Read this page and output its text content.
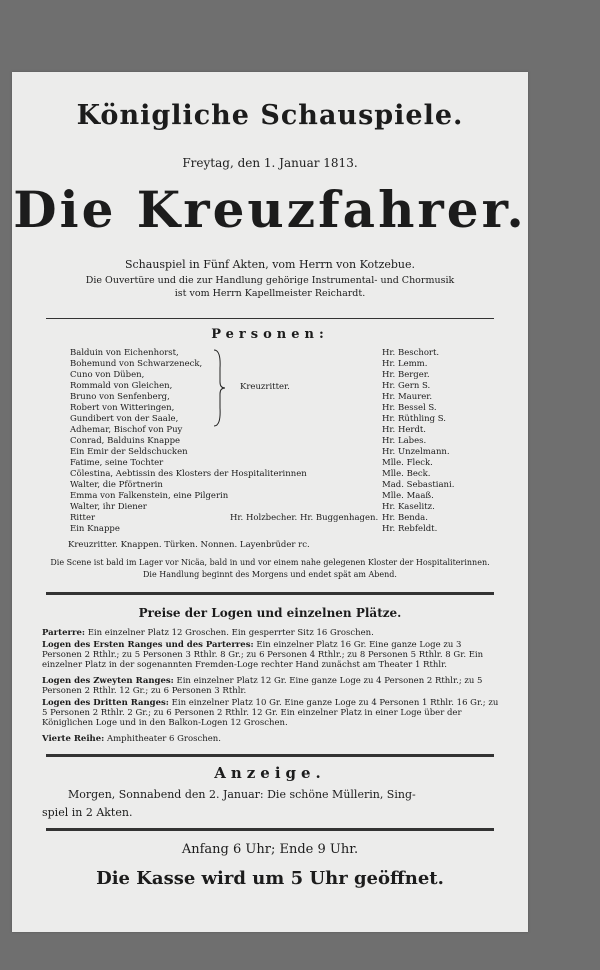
Königliche Schauspiele.
Freytag, den 1. Januar 1813.
Die Kreuzfahrer.
Schauspiel in Fünf Akten, vom Herrn von Kotzebue.
Die Ouvertüre und die zur Handlung gehörige Instrumental- und Chormusik
ist vom Herrn Kapellmeister Reichardt.
Personen:
Kreuzritter.
Kreuzritter. Knappen. Türken. Nonnen. Layenbrüder rc.
Die Scene ist bald im Lager vor Nicäa, bald in und vor einem nahe gelegenen Kloster der Hospitaliterinnen.
Die Handlung beginnt des Morgens und endet spät am Abend.
Preise der Logen und einzelnen Plätze.
Parterre: Ein einzelner Platz 12 Groschen. Ein gesperrter Sitz 16 Groschen.
Logen des Ersten Ranges und des Parterres: Ein einzelner Platz 16 Gr. Eine ganze Loge zu 3 Personen 2 Rthlr.; zu 5 Personen 3 Rthlr. 8 Gr.; zu 6 Personen 4 Rthlr.; zu 8 Personen 5 Rthlr. 8 Gr. Ein einzelner Platz in der sogenannten Fremden-Loge rechter Hand zunächst am Theater 1 Rthlr.
Logen des Zweyten Ranges: Ein einzelner Platz 12 Gr. Eine ganze Loge zu 4 Personen 2 Rthlr.; zu 5 Personen 2 Rthlr. 12 Gr.; zu 6 Personen 3 Rthlr.
Logen des Dritten Ranges: Ein einzelner Platz 10 Gr. Eine ganze Loge zu 4 Personen 1 Rthlr. 16 Gr.; zu 5 Personen 2 Rthlr. 2 Gr.; zu 6 Personen 2 Rthlr. 12 Gr. Ein einzelner Platz in einer Loge über der Königlichen Loge und in den Balkon-Logen 12 Groschen.
Vierte Reihe: Amphitheater 6 Groschen.
Anzeige.
Morgen, Sonnabend den 2. Januar: Die schöne Müllerin, Sing-
spiel in 2 Akten.
Anfang 6 Uhr; Ende 9 Uhr.
Die Kasse wird um 5 Uhr geöffnet.
Balduin von Eichenhorst,	Hr. Beschort.
Bohemund von Schwarzeneck,	Hr. Lemm.
Cuno von Düben,	Hr. Berger.
Rommald von Gleichen,	Hr. Gern S.
Bruno von Senfenberg,	Hr. Maurer.
Robert von Witteringen,	Hr. Bessel S.
Gundibert von der Saale,	Hr. Rüthling S.
Adhemar, Bischof von Puy	Hr. Herdt.
Conrad, Balduins Knappe	Hr. Labes.
Ein Emir der Seldschucken	Hr. Unzelmann.
Fatime, seine Tochter	Mlle. Fleck.
Cölestina, Aebtissin des Klosters der Hospitaliterinnen	Mlle. Beck.
Walter, die Pförtnerin	Mad. Sebastiani.
Emma von Falkenstein, eine Pilgerin	Mlle. Maaß.
Walter, ihr Diener	Hr. Kaselitz.
Ritter	Hr. Holzbecher. Hr. Buggenhagen. Hr. Benda.
Ein Knappe	Hr. Rebfeldt.
